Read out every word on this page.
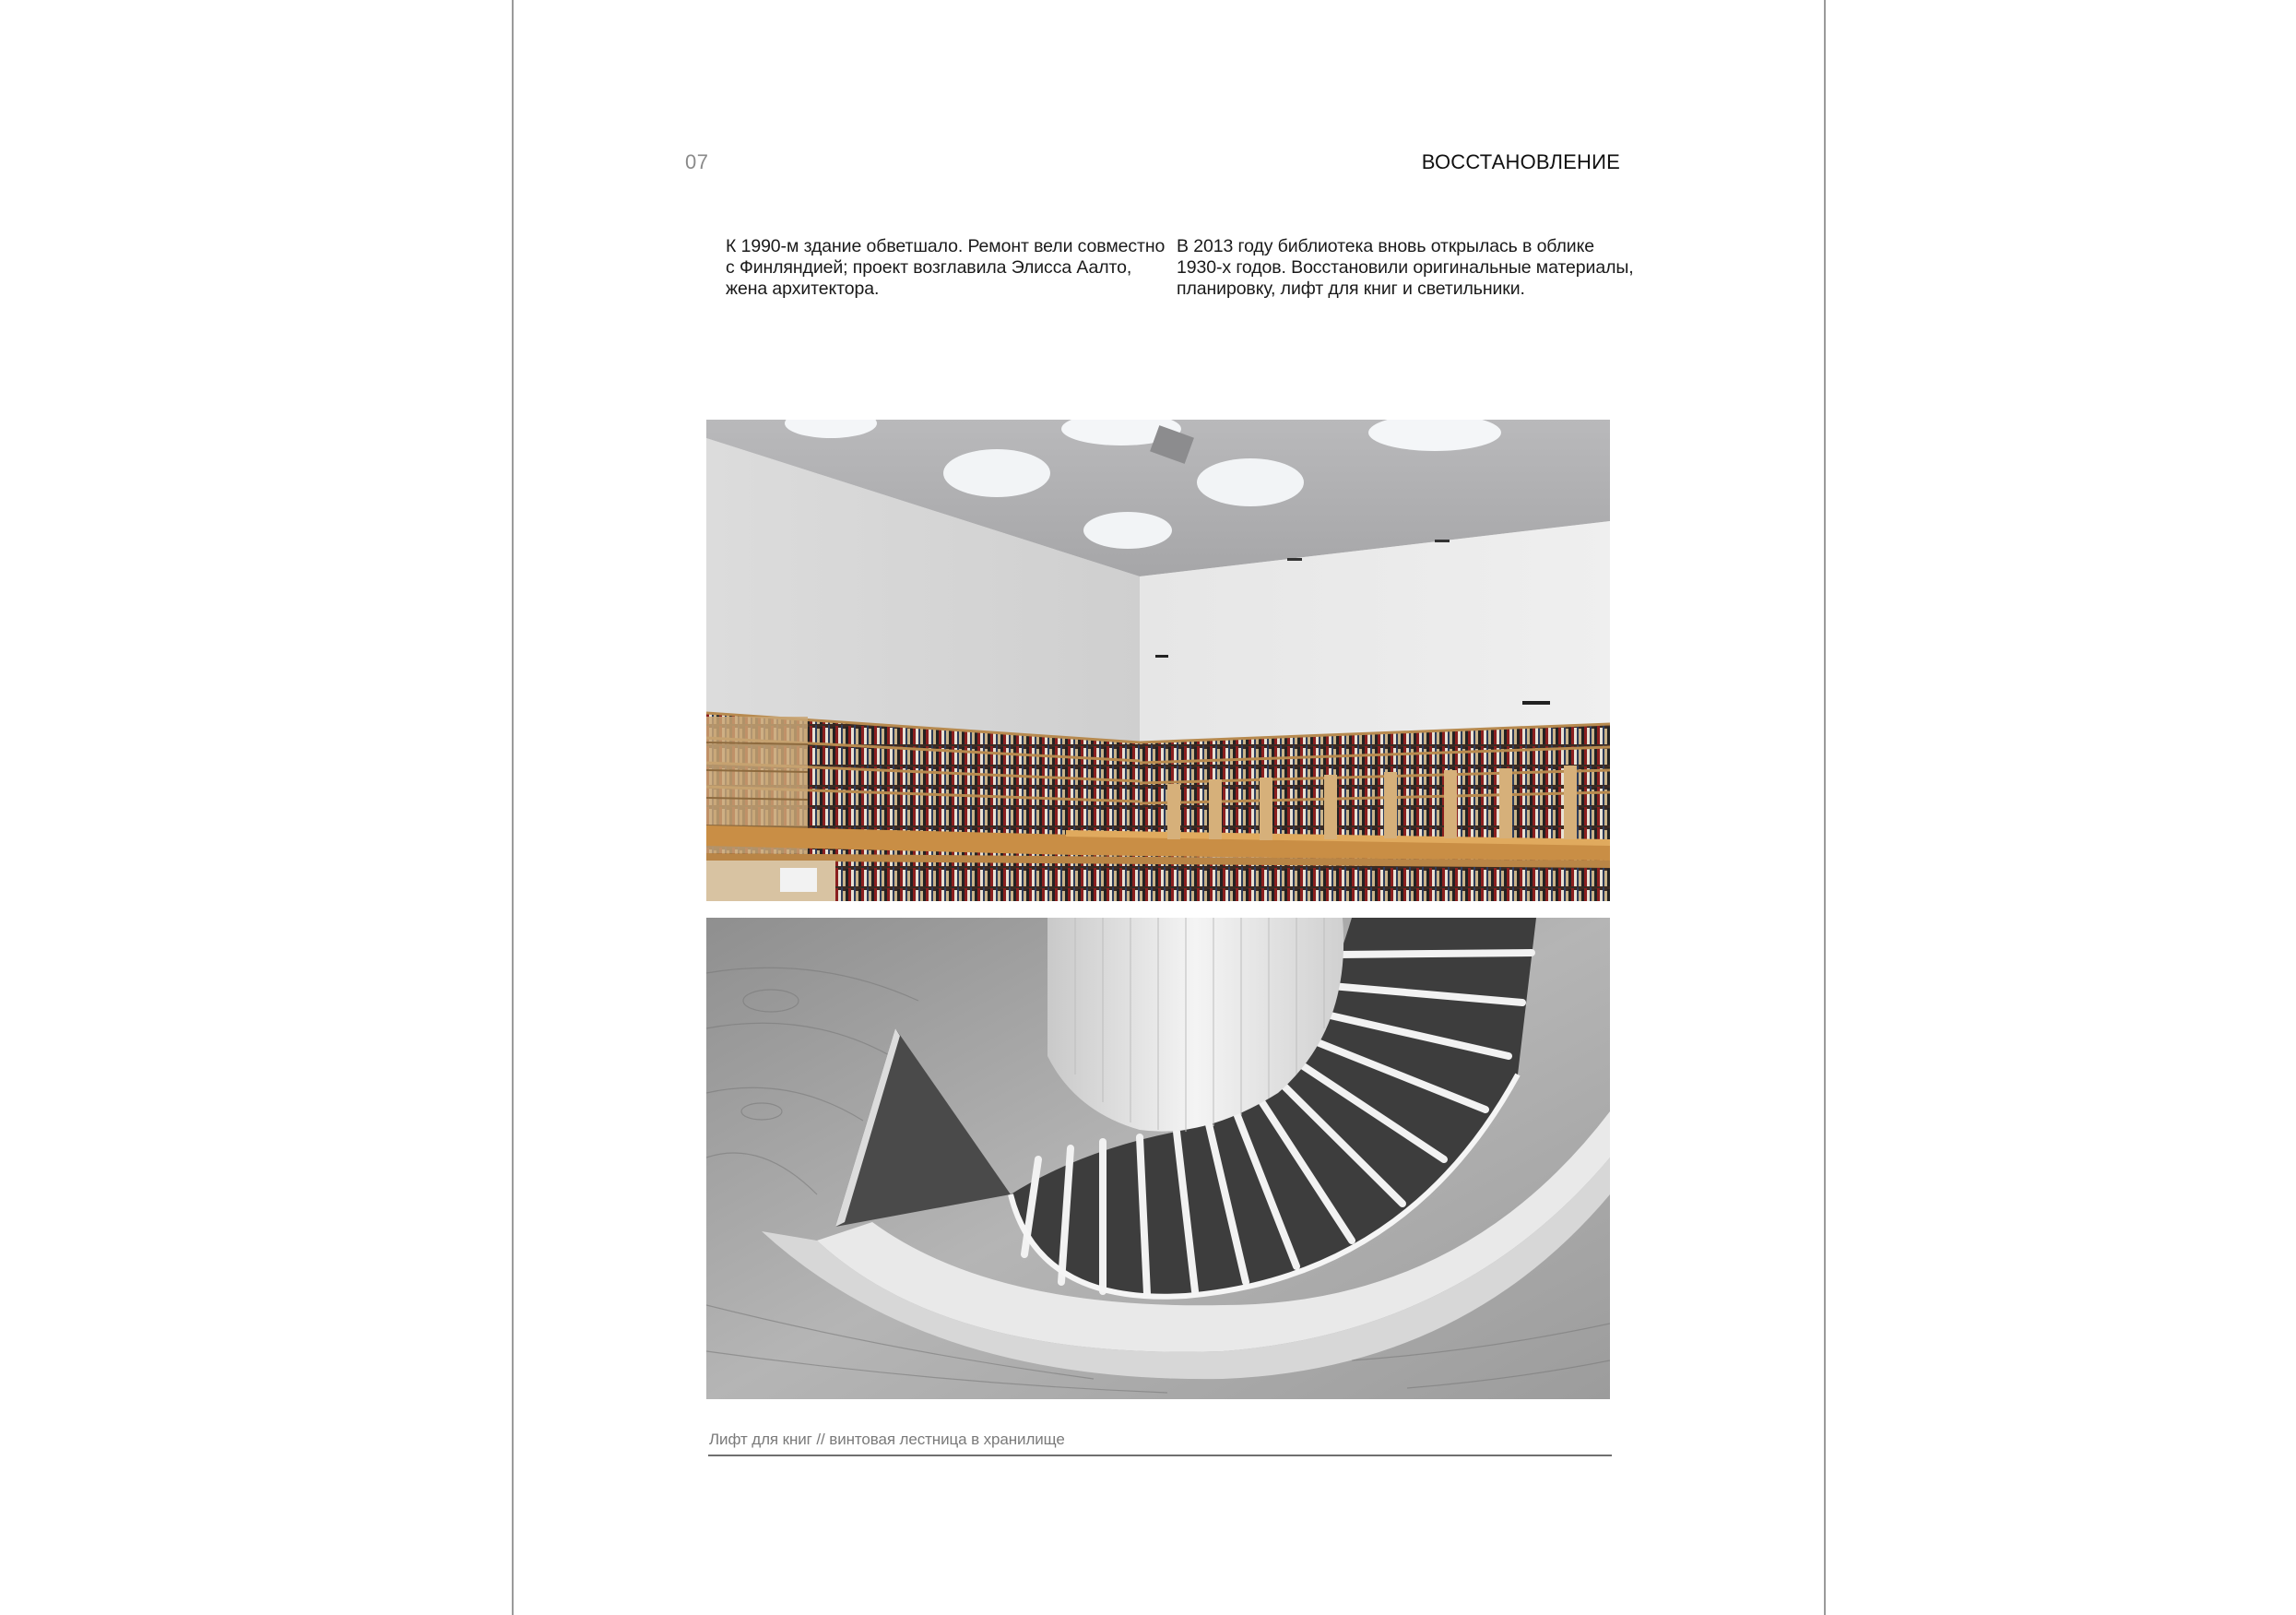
07	ВОССТАНОВЛЕНИЕ
К 1990-м здание обветшало. Ремонт вели совместно с Финляндией; проект возглавила Элисса Аалто, жена архитектора.
В 2013 году библиотека вновь открылась в облике 1930-х годов. Восстановили оригинальные материалы, планировку, лифт для книг и светильники.
Лифт для книг // винтовая лестница в хранилище
